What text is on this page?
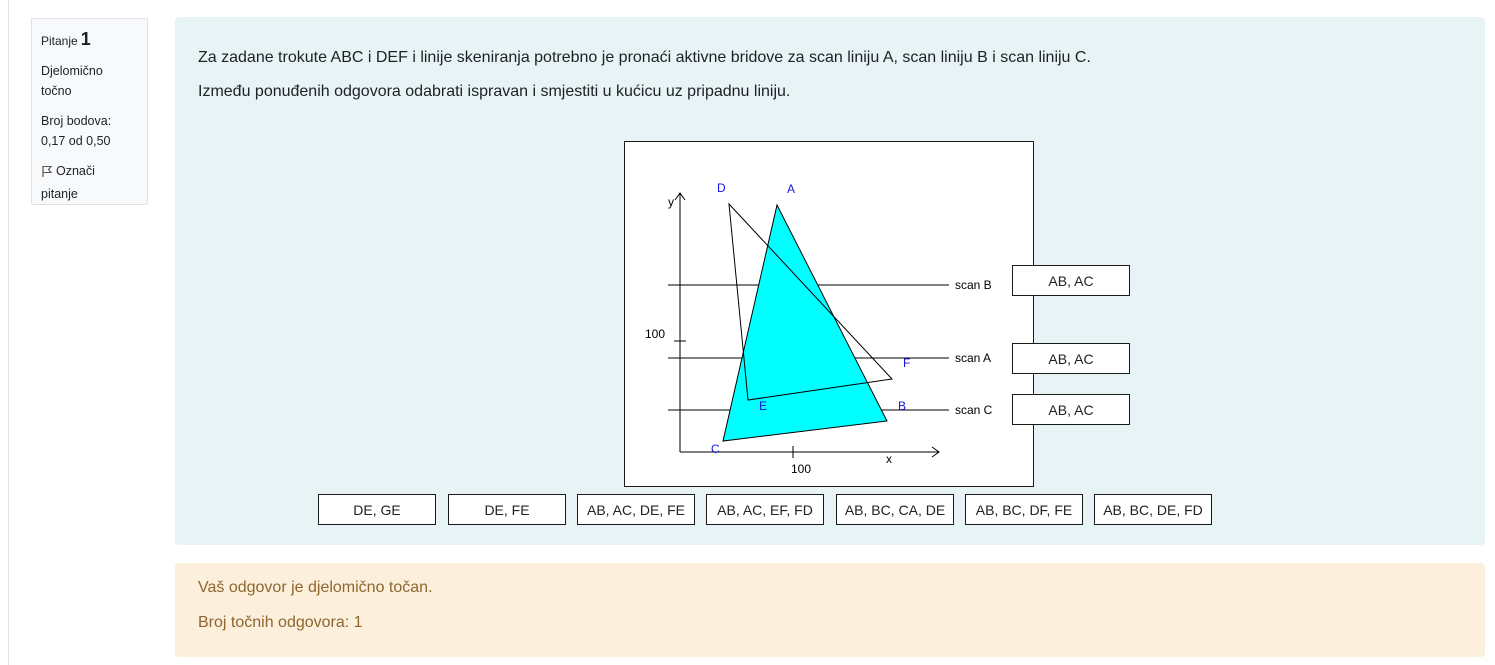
Pitanje 1
Djelomično
točno
Broj bodova:
0,17 od 0,50
Označi
pitanje

Za zadane trokute ABC i DEF i linije skeniranja potrebno je pronaći aktivne bridove za scan liniju A, scan liniju B i scan liniju C.

Između ponuđenih odgovora odabrati ispravan i smjestiti u kućicu uz pripadnu liniju.

A
B
C
D
E
F
y
x
100
100
scan B
scan A
scan C
AB, AC
AB, AC
AB, AC
DE, GE	DE, FE	AB, AC, DE, FE	AB, AC, EF, FD	AB, BC, CA, DE	AB, BC, DF, FE	AB, BC, DE, FD

Vaš odgovor je djelomično točan.

Broj točnih odgovora: 1
